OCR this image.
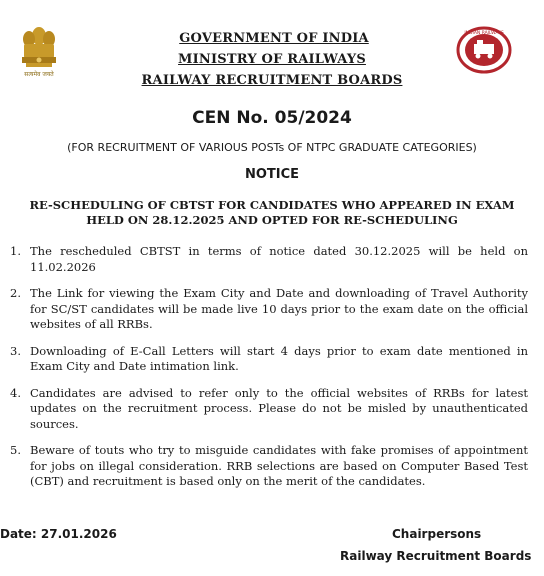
सत्यमेव जयते
INDIAN RAILWAYS
GOVERNMENT OF INDIA
MINISTRY OF RAILWAYS
RAILWAY RECRUITMENT BOARDS
CEN No. 05/2024
(FOR RECRUITMENT OF VARIOUS POSTs OF NTPC GRADUATE CATEGORIES)
NOTICE
RE-SCHEDULING OF CBTST FOR CANDIDATES WHO APPEARED IN EXAM
HELD ON 28.12.2025 AND OPTED FOR RE-SCHEDULING
1. The rescheduled CBTST in terms of notice dated 30.12.2025 will be held on 11.02.2026
2. The Link for viewing the Exam City and Date and downloading of Travel Authority for SC/ST candidates will be made live 10 days prior to the exam date on the official websites of all RRBs.
3. Downloading of E-Call Letters will start 4 days prior to exam date mentioned in Exam City and Date intimation link.
4. Candidates are advised to refer only to the official websites of RRBs for latest updates on the recruitment process. Please do not be misled by unauthenticated sources.
5. Beware of touts who try to misguide candidates with fake promises of appointment for jobs on illegal consideration. RRB selections are based on Computer Based Test (CBT) and recruitment is based only on the merit of the candidates.
Date: 27.01.2026	Chairpersons
Railway Recruitment Boards
